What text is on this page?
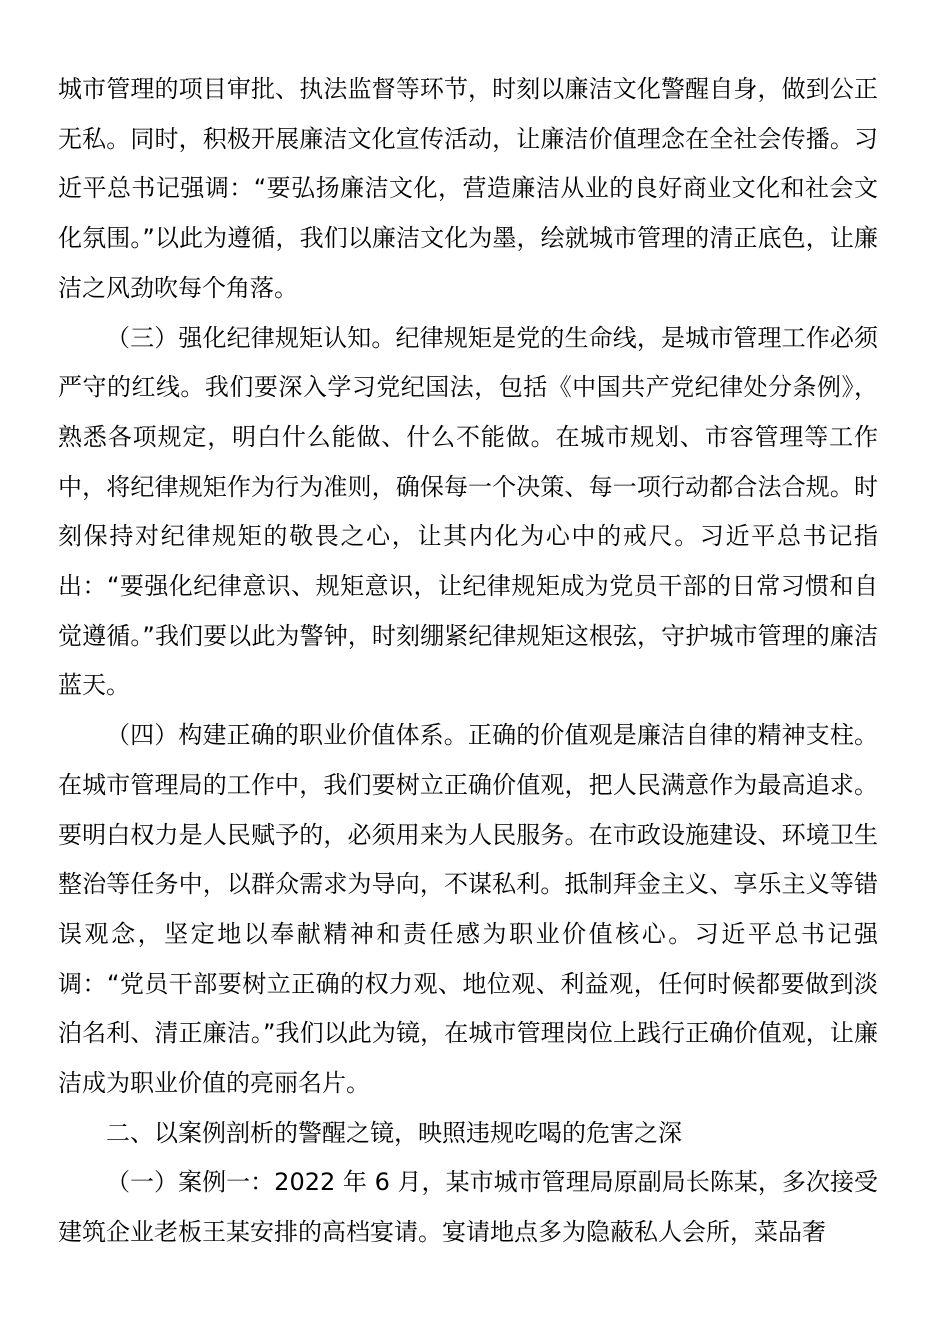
城市管理的项目审批、执法监督等环节，时刻以廉洁文化警醒自身，做到公正无私。同时，积极开展廉洁文化宣传活动，让廉洁价值理念在全社会传播。习近平总书记强调：“要弘扬廉洁文化，营造廉洁从业的良好商业文化和社会文化氛围。”以此为遵循，我们以廉洁文化为墨，绘就城市管理的清正底色，让廉洁之风劲吹每个角落。

（三）强化纪律规矩认知。纪律规矩是党的生命线，是城市管理工作必须严守的红线。我们要深入学习党纪国法，包括《中国共产党纪律处分条例》，熟悉各项规定，明白什么能做、什么不能做。在城市规划、市容管理等工作中，将纪律规矩作为行为准则，确保每一个决策、每一项行动都合法合规。时刻保持对纪律规矩的敬畏之心，让其内化为心中的戒尺。习近平总书记指出：“要强化纪律意识、规矩意识，让纪律规矩成为党员干部的日常习惯和自觉遵循。”我们要以此为警钟，时刻绷紧纪律规矩这根弦，守护城市管理的廉洁蓝天。

（四）构建正确的职业价值体系。正确的价值观是廉洁自律的精神支柱。在城市管理局的工作中，我们要树立正确价值观，把人民满意作为最高追求。要明白权力是人民赋予的，必须用来为人民服务。在市政设施建设、环境卫生整治等任务中，以群众需求为导向，不谋私利。抵制拜金主义、享乐主义等错误观念，坚定地以奉献精神和责任感为职业价值核心。习近平总书记强调：“党员干部要树立正确的权力观、地位观、利益观，任何时候都要做到淡泊名利、清正廉洁。”我们以此为镜，在城市管理岗位上践行正确价值观，让廉洁成为职业价值的亮丽名片。

二、以案例剖析的警醒之镜，映照违规吃喝的危害之深

（一）案例一：2022 年 6 月，某市城市管理局原副局长陈某，多次接受建筑企业老板王某安排的高档宴请。宴请地点多为隐蔽私人会所，菜品奢
